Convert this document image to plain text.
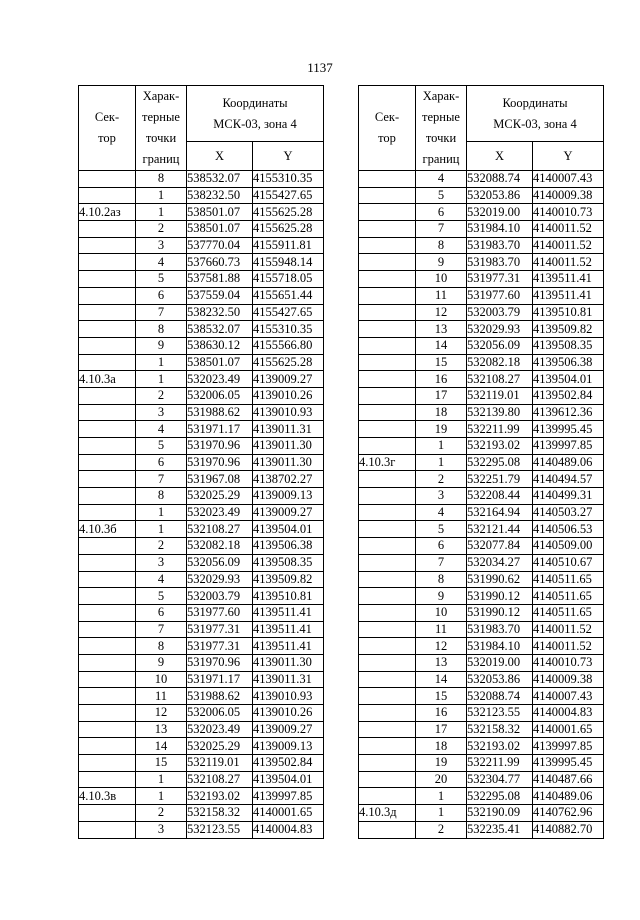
1137
Сек-
тор	Харак-
терные
точки
границ	Координаты
МСК-03, зона 4	
		X	Y
	8	538532.07	4155310.35
	1	538232.50	4155427.65
4.10.2аз	1	538501.07	4155625.28
	2	538501.07	4155625.28
	3	537770.04	4155911.81
	4	537660.73	4155948.14
	5	537581.88	4155718.05
	6	537559.04	4155651.44
	7	538232.50	4155427.65
	8	538532.07	4155310.35
	9	538630.12	4155566.80
	1	538501.07	4155625.28
4.10.3а	1	532023.49	4139009.27
	2	532006.05	4139010.26
	3	531988.62	4139010.93
	4	531971.17	4139011.31
	5	531970.96	4139011.30
	6	531970.96	4139011.30
	7	531967.08	4138702.27
	8	532025.29	4139009.13
	1	532023.49	4139009.27
4.10.3б	1	532108.27	4139504.01
	2	532082.18	4139506.38
	3	532056.09	4139508.35
	4	532029.93	4139509.82
	5	532003.79	4139510.81
	6	531977.60	4139511.41
	7	531977.31	4139511.41
	8	531977.31	4139511.41
	9	531970.96	4139011.30
	10	531971.17	4139011.31
	11	531988.62	4139010.93
	12	532006.05	4139010.26
	13	532023.49	4139009.27
	14	532025.29	4139009.13
	15	532119.01	4139502.84
	1	532108.27	4139504.01
4.10.3в	1	532193.02	4139997.85
	2	532158.32	4140001.65
	3	532123.55	4140004.83
Сек-
тор	Харак-
терные
точки
границ	Координаты
МСК-03, зона 4	
		X	Y
	4	532088.74	4140007.43
	5	532053.86	4140009.38
	6	532019.00	4140010.73
	7	531984.10	4140011.52
	8	531983.70	4140011.52
	9	531983.70	4140011.52
	10	531977.31	4139511.41
	11	531977.60	4139511.41
	12	532003.79	4139510.81
	13	532029.93	4139509.82
	14	532056.09	4139508.35
	15	532082.18	4139506.38
	16	532108.27	4139504.01
	17	532119.01	4139502.84
	18	532139.80	4139612.36
	19	532211.99	4139995.45
	1	532193.02	4139997.85
4.10.3г	1	532295.08	4140489.06
	2	532251.79	4140494.57
	3	532208.44	4140499.31
	4	532164.94	4140503.27
	5	532121.44	4140506.53
	6	532077.84	4140509.00
	7	532034.27	4140510.67
	8	531990.62	4140511.65
	9	531990.12	4140511.65
	10	531990.12	4140511.65
	11	531983.70	4140011.52
	12	531984.10	4140011.52
	13	532019.00	4140010.73
	14	532053.86	4140009.38
	15	532088.74	4140007.43
	16	532123.55	4140004.83
	17	532158.32	4140001.65
	18	532193.02	4139997.85
	19	532211.99	4139995.45
	20	532304.77	4140487.66
	1	532295.08	4140489.06
4.10.3д	1	532190.09	4140762.96
	2	532235.41	4140882.70
